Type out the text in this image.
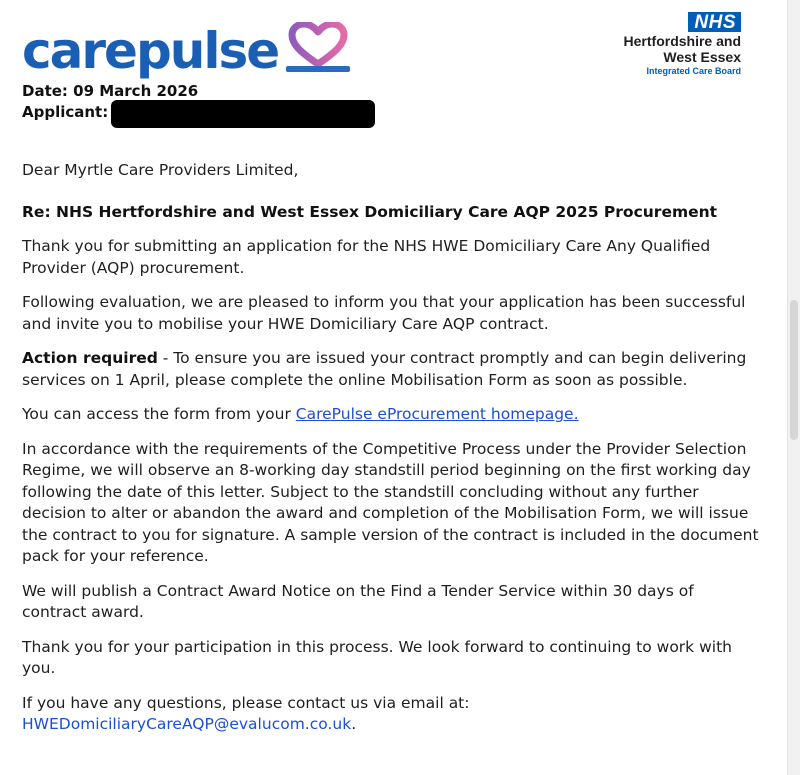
carepulse	NHS
Hertfordshire and
West Essex
Integrated Care Board
Date: 09 March 2026
Applicant:

Dear Myrtle Care Providers Limited,

Re: NHS Hertfordshire and West Essex Domiciliary Care AQP 2025 Procurement

Thank you for submitting an application for the NHS HWE Domiciliary Care Any Qualified Provider (AQP) procurement.

Following evaluation, we are pleased to inform you that your application has been successful and invite you to mobilise your HWE Domiciliary Care AQP contract.

Action required - To ensure you are issued your contract promptly and can begin delivering services on 1 April, please complete the online Mobilisation Form as soon as possible.

You can access the form from your CarePulse eProcurement homepage.

In accordance with the requirements of the Competitive Process under the Provider Selection Regime, we will observe an 8-working day standstill period beginning on the first working day following the date of this letter. Subject to the standstill concluding without any further decision to alter or abandon the award and completion of the Mobilisation Form, we will issue the contract to you for signature. A sample version of the contract is included in the document pack for your reference.

We will publish a Contract Award Notice on the Find a Tender Service within 30 days of contract award.

Thank you for your participation in this process. We look forward to continuing to work with you.

If you have any questions, please contact us via email at:
HWEDomiciliaryCareAQP@evalucom.co.uk.
